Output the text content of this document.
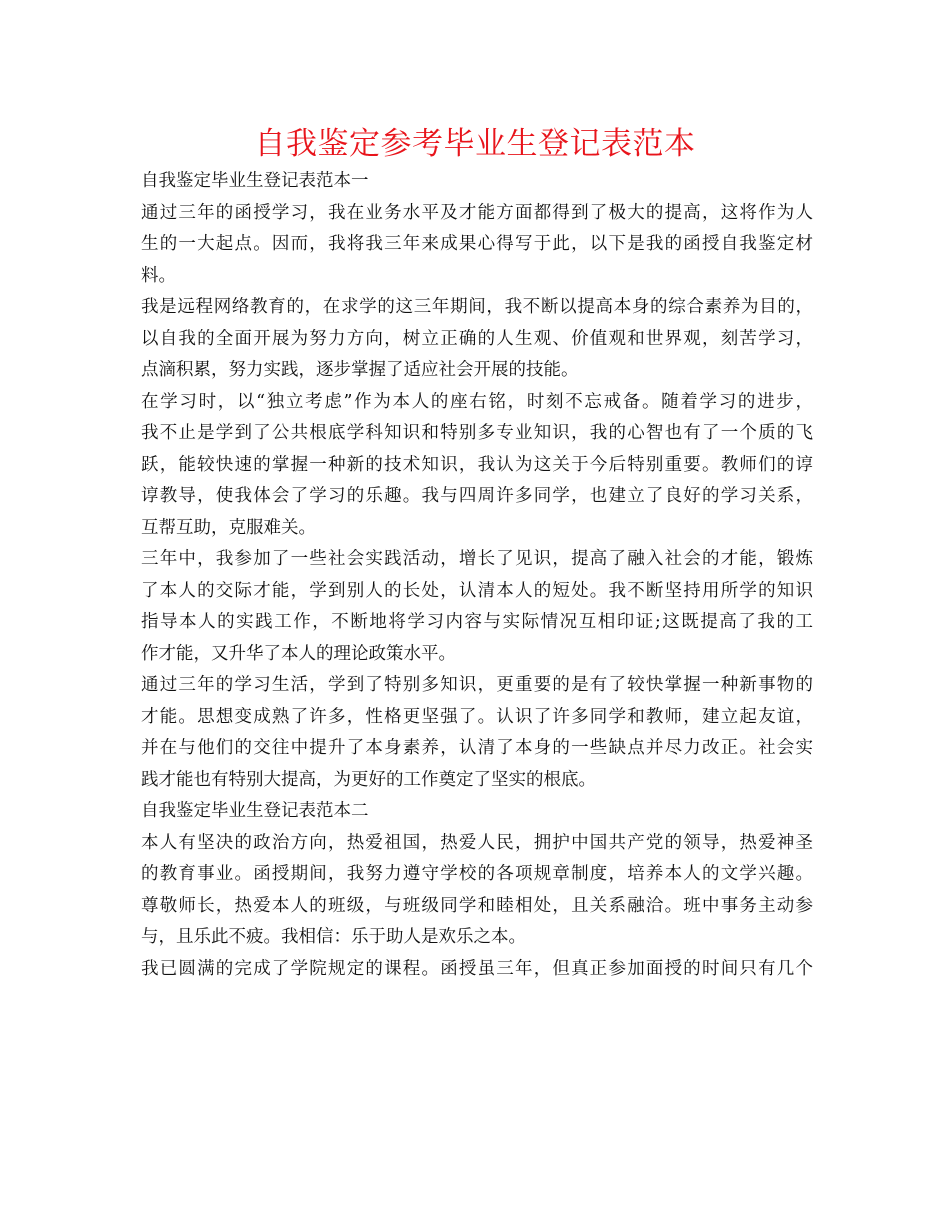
自我鉴定参考毕业生登记表范本
自我鉴定毕业生登记表范本一
通过三年的函授学习，我在业务水平及才能方面都得到了极大的提高，这将作为人
生的一大起点。因而，我将我三年来成果心得写于此，以下是我的函授自我鉴定材
料。
我是远程网络教育的，在求学的这三年期间，我不断以提高本身的综合素养为目的，
以自我的全面开展为努力方向，树立正确的人生观、价值观和世界观，刻苦学习，
点滴积累，努力实践，逐步掌握了适应社会开展的技能。
在学习时，以“独立考虑”作为本人的座右铭，时刻不忘戒备。随着学习的进步，
我不止是学到了公共根底学科知识和特别多专业知识，我的心智也有了一个质的飞
跃，能较快速的掌握一种新的技术知识，我认为这关于今后特别重要。教师们的谆
谆教导，使我体会了学习的乐趣。我与四周许多同学，也建立了良好的学习关系，
互帮互助，克服难关。
三年中，我参加了一些社会实践活动，增长了见识，提高了融入社会的才能，锻炼
了本人的交际才能，学到别人的长处，认清本人的短处。我不断坚持用所学的知识
指导本人的实践工作，不断地将学习内容与实际情况互相印证;这既提高了我的工
作才能，又升华了本人的理论政策水平。
通过三年的学习生活，学到了特别多知识，更重要的是有了较快掌握一种新事物的
才能。思想变成熟了许多，性格更坚强了。认识了许多同学和教师，建立起友谊，
并在与他们的交往中提升了本身素养，认清了本身的一些缺点并尽力改正。社会实
践才能也有特别大提高，为更好的工作奠定了坚实的根底。
自我鉴定毕业生登记表范本二
本人有坚决的政治方向，热爱祖国，热爱人民，拥护中国共产党的领导，热爱神圣
的教育事业。函授期间，我努力遵守学校的各项规章制度，培养本人的文学兴趣。
尊敬师长，热爱本人的班级，与班级同学和睦相处，且关系融洽。班中事务主动参
与，且乐此不疲。我相信：乐于助人是欢乐之本。
我已圆满的完成了学院规定的课程。函授虽三年，但真正参加面授的时间只有几个
